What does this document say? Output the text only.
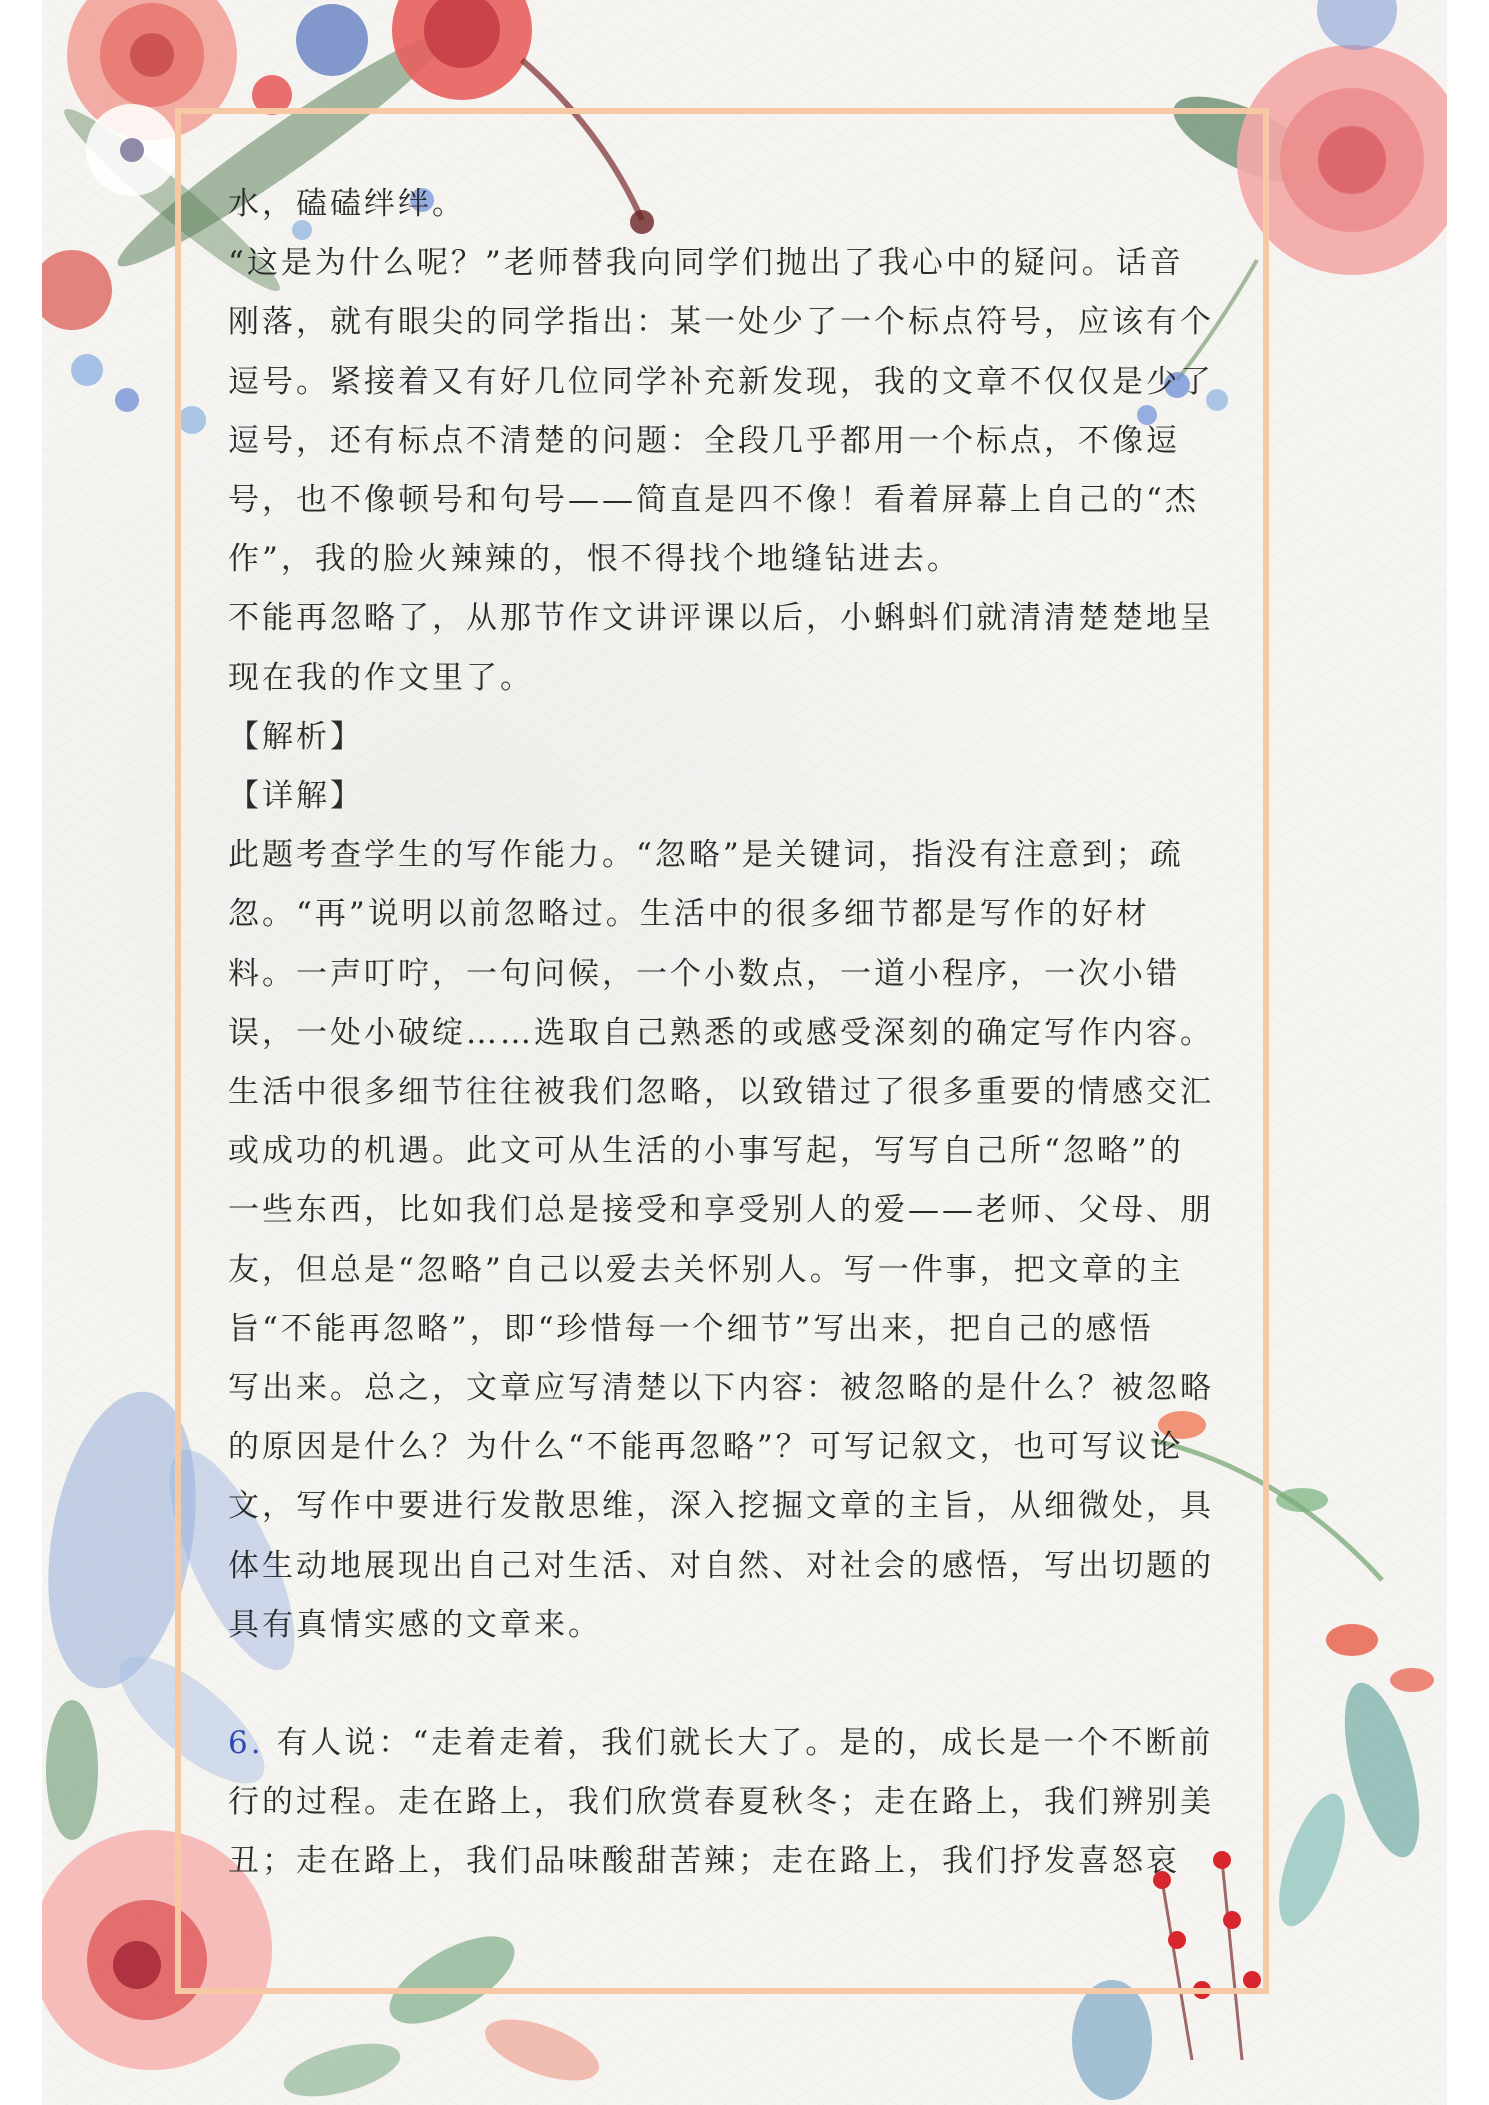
水，磕磕绊绊。

“这是为什么呢？”老师替我向同学们抛出了我心中的疑问。话音

刚落，就有眼尖的同学指出：某一处少了一个标点符号，应该有个

逗号。紧接着又有好几位同学补充新发现，我的文章不仅仅是少了

逗号，还有标点不清楚的问题：全段几乎都用一个标点，不像逗

号，也不像顿号和句号——简直是四不像！看着屏幕上自己的“杰

作”，我的脸火辣辣的，恨不得找个地缝钻进去。

不能再忽略了，从那节作文讲评课以后，小蝌蚪们就清清楚楚地呈

现在我的作文里了。

【解析】

【详解】

此题考查学生的写作能力。“忽略”是关键词，指没有注意到；疏

忽。“再”说明以前忽略过。生活中的很多细节都是写作的好材

料。一声叮咛，一句问候，一个小数点，一道小程序，一次小错

误，一处小破绽……选取自己熟悉的或感受深刻的确定写作内容。

生活中很多细节往往被我们忽略，以致错过了很多重要的情感交汇

或成功的机遇。此文可从生活的小事写起，写写自己所“忽略”的

一些东西，比如我们总是接受和享受别人的爱——老师、父母、朋

友，但总是“忽略”自己以爱去关怀别人。写一件事，把文章的主

旨“不能再忽略”，即“珍惜每一个细节”写出来，把自己的感悟

写出来。总之，文章应写清楚以下内容：被忽略的是什么？被忽略

的原因是什么？为什么“不能再忽略”？可写记叙文，也可写议论

文，写作中要进行发散思维，深入挖掘文章的主旨，从细微处，具

体生动地展现出自己对生活、对自然、对社会的感悟，写出切题的

具有真情实感的文章来。

6. 有人说：“走着走着，我们就长大了。是的，成长是一个不断前

行的过程。走在路上，我们欣赏春夏秋冬；走在路上，我们辨别美

丑；走在路上，我们品味酸甜苦辣；走在路上，我们抒发喜怒哀
